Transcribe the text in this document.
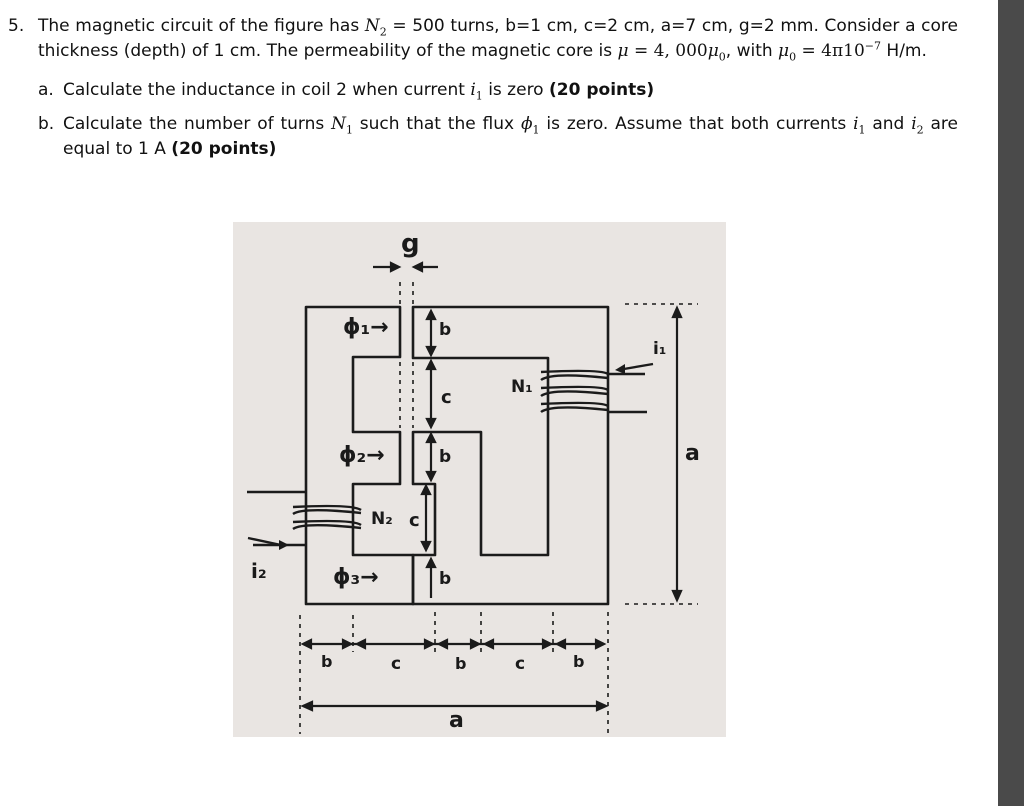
5. The magnetic circuit of the figure has $N_2 = 500$ turns, b=1 cm, c=2 cm, a=7 cm, g=2 mm. Consider a core thickness (depth) of 1 cm. The permeability of the magnetic core is μ = 4, $000\mu_0$, with $\mu_0 = 4\pi 10^{-7}$ H/m.
a. Calculate the inductance in coil 2 when current $i_1$ is zero (20 points)
b. Calculate the number of turns $N_1$ such that the flux $\phi_1$ is zero. Assume that both currents $i_1$ and $i_2$ are equal to 1 A (20 points)
g
ϕ₁→
ϕ₂→
ϕ₃→
b
c
b
N₂ c
b
N₁
i₁
a
i₂
b	c	b	c	b
a
